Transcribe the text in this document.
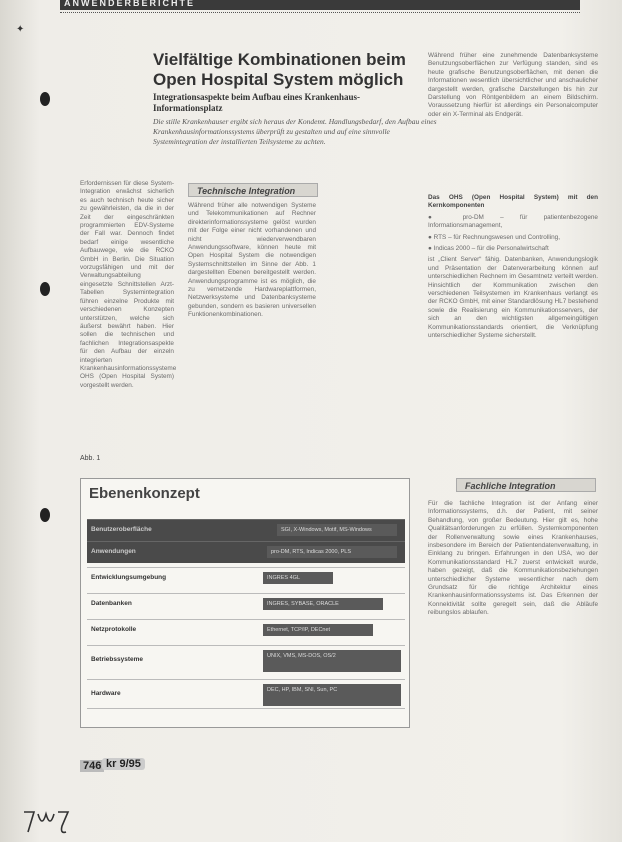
ANWENDERBERICHTE
✦
Vielfältige Kombinationen beim
Open Hospital System möglich
Integrationsaspekte beim Aufbau eines Krankenhaus-
Informationsplatz
Die stille Krankenhauser ergibt sich heraus der Kondemt. Handlungsbedarf, den Aufbau eines Krankenhausinformationssystems überprüft zu gestalten und auf eine sinnvolle Systemintegration der installierten Teilsysteme zu achten.

Erfordernissen für diese System-Integration erwächst sicherlich es auch technisch heute sicher zu gewährleisten, da die in der Zeit der eingeschränkten programmierten EDV-Systeme der Fall war. Dennoch findet bedarf einige wesentliche Aufbauwege, wie die RCKO GmbH in Berlin. Die Situation vorzugsfähigen und mit der Verwaltungsabteilung eingesetzte Schnittstellen Arzt-Tabellen Systemintegration führen einzelne Produkte mit verschiedenen Konzepten unterstützen, welche sich äußerst bewährt haben. Hier sollen die technischen und fachlichen Integrationsaspekte für den Aufbau der einzeln integrierten Krankenhausinformationssysteme OHS (Open Hospital System) vorgestellt werden.

Technische Integration

Während früher alle notwendigen Systeme und Telekommunikationen auf Rechner direkterinformationssysteme gelöst wurden mit der Folge einer nicht vorhandenen und nicht wiederverwendbaren Anwendungssoftware, können heute mit Open Hospital System die notwendigen Systemschnittstellen im Sinne der Abb. 1 dargestellten Ebenen bereitgestellt werden. Anwendungsprogramme ist es möglich, die zu vernetzende Hardwareplattformen, Netzwerksysteme und Datenbanksysteme gebunden, sondern es basieren universellen Funktionenkombinationen.

Während früher eine zunehmende Datenbanksysteme Benutzungsoberflächen zur Verfügung standen, sind es heute grafische Benutzungsoberflächen, mit denen die Informationen wesentlich übersichtlicher und anschaulicher dargestellt werden, grafische Darstellungen bis hin zur Darstellung von Röntgenbildern an einem Bildschirm. Voraussetzung hierfür ist allerdings ein Personalcomputer oder ein X-Terminal als Endgerät.

Das OHS (Open Hospital System) mit den Kernkomponenten

● pro-DM – für patientenbezogene Informationsmanagement,

● RTS – für Rechnungswesen und Controlling,

● Indicas 2000 – für die Personalwirtschaft

ist „Client Server“ fähig. Datenbanken, Anwendungslogik und Präsentation der Datenverarbeitung können auf unterschiedlichen Rechnern im Gesamtnetz verteilt werden. Hinsichtlich der Kommunikation zwischen den verschiedenen Teilsystemen im Krankenhaus verlangt es der RCKO GmbH, mit einer Standardlösung HL7 bestehend sowie die Realisierung ein Kommunikationsservers, der sich an den wichtigsten allgemeingültigen Kommunikationsstandards orientiert, die Verknüpfung unterschiedlicher Systeme sicherstellt.

Fachliche Integration

Für die fachliche Integration ist der Anfang einer Informationssystems, d.h. der Patient, mit seiner Behandlung, von großer Bedeutung. Hier gilt es, hohe Qualitätsanforderungen zu erfüllen. Systemkomponenten der Rollenverwaltung sowie eines Krankenhauses, insbesondere im Bereich der Patientendatenverwaltung, in Einklang zu bringen. Erfahrungen in den USA, wo der Kommunikationsstandard HL7 zuerst entwickelt wurde, haben gezeigt, daß die Kommunikationsbeziehungen unterschiedlicher Systeme wesentlicher nach dem Grundsatz für die richtige Architektur eines Krankenhausinformationssystems ist. Das Erkennen der Konnektivität sollte geregelt sein, daß die Abläufe reibungslos ablaufen.

Abb. 1
Ebenenkonzept
Benutzeroberfläche	SGI, X-Windows, Motif, MS-Windows
Anwendungen	pro-DM, RTS, Indicas 2000, PLS
Entwicklungsumgebung	INGRES 4GL
Datenbanken	INGRES, SYBASE, ORACLE
Netzprotokolle	Ethernet, TCP/IP, DECnet
Betriebssysteme	UNIX, VMS, MS-DOS, OS/2
Hardware	DEC, HP, IBM, SNI, Sun, PC
746 kr 9/95
